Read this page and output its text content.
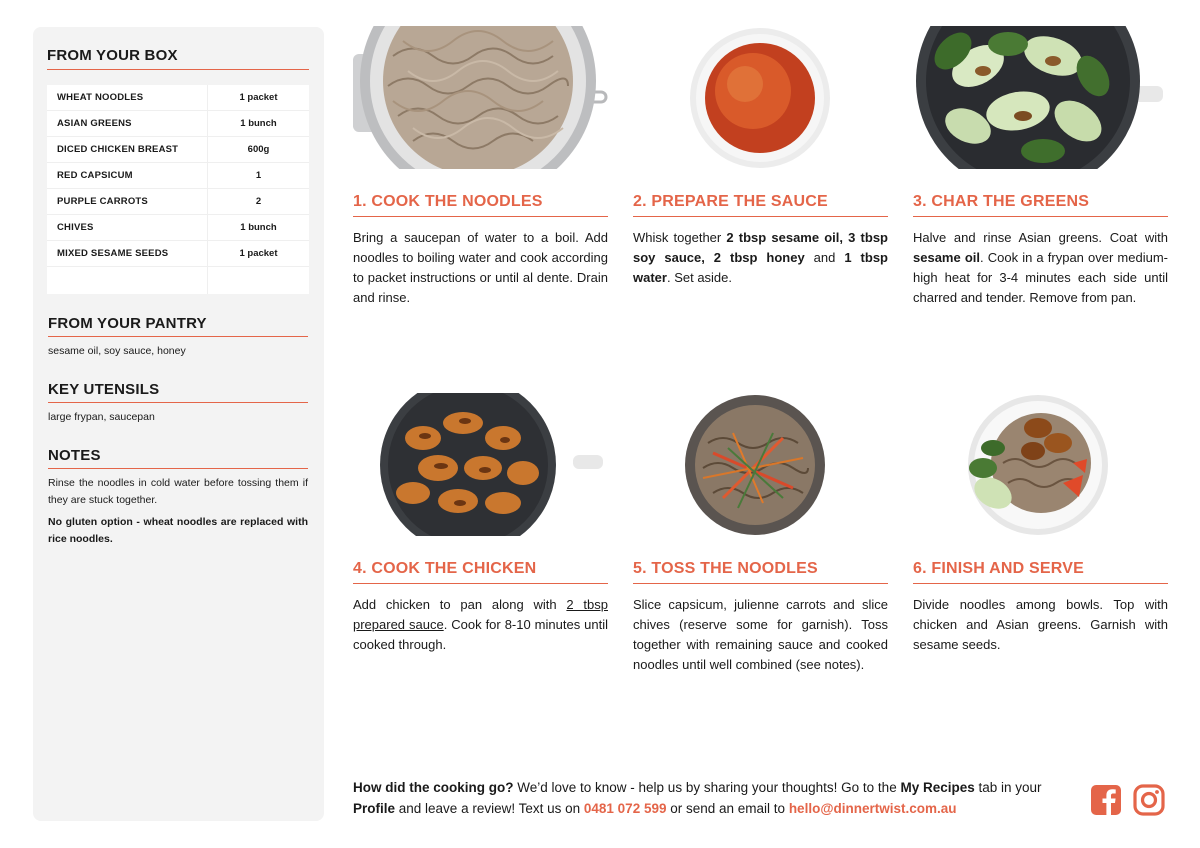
FROM YOUR BOX
WHEAT NOODLES	1 packet
ASIAN GREENS	1 bunch
DICED CHICKEN BREAST	600g
RED CAPSICUM	1
PURPLE CARROTS	2
CHIVES	1 bunch
MIXED SESAME SEEDS	1 packet
FROM YOUR PANTRY

sesame oil, soy sauce, honey

KEY UTENSILS

large frypan, saucepan

NOTES

Rinse the noodles in cold water before tossing them if they are stuck together.

No gluten option - wheat noodles are replaced with rice noodles.

1. COOK THE NOODLES
Bring a saucepan of water to a boil. Add noodles to boiling water and cook according to packet instructions or until al dente. Drain and rinse.
2. PREPARE THE SAUCE
Whisk together 2 tbsp sesame oil, 3 tbsp soy sauce, 2 tbsp honey and 1 tbsp water. Set aside.
3. CHAR THE GREENS
Halve and rinse Asian greens. Coat with sesame oil. Cook in a frypan over medium-high heat for 3-4 minutes each side until charred and tender. Remove from pan.
4. COOK THE CHICKEN
Add chicken to pan along with 2 tbsp prepared sauce. Cook for 8-10 minutes until cooked through.
5. TOSS THE NOODLES
Slice capsicum, julienne carrots and slice chives (reserve some for garnish). Toss together with remaining sauce and cooked noodles until well combined (see notes).
6. FINISH AND SERVE
Divide noodles among bowls. Top with chicken and Asian greens. Garnish with sesame seeds.
How did the cooking go? We’d love to know - help us by sharing your thoughts! Go to the My Recipes tab in your Profile and leave a review! Text us on 0481 072 599 or send an email to hello@dinnertwist.com.au
